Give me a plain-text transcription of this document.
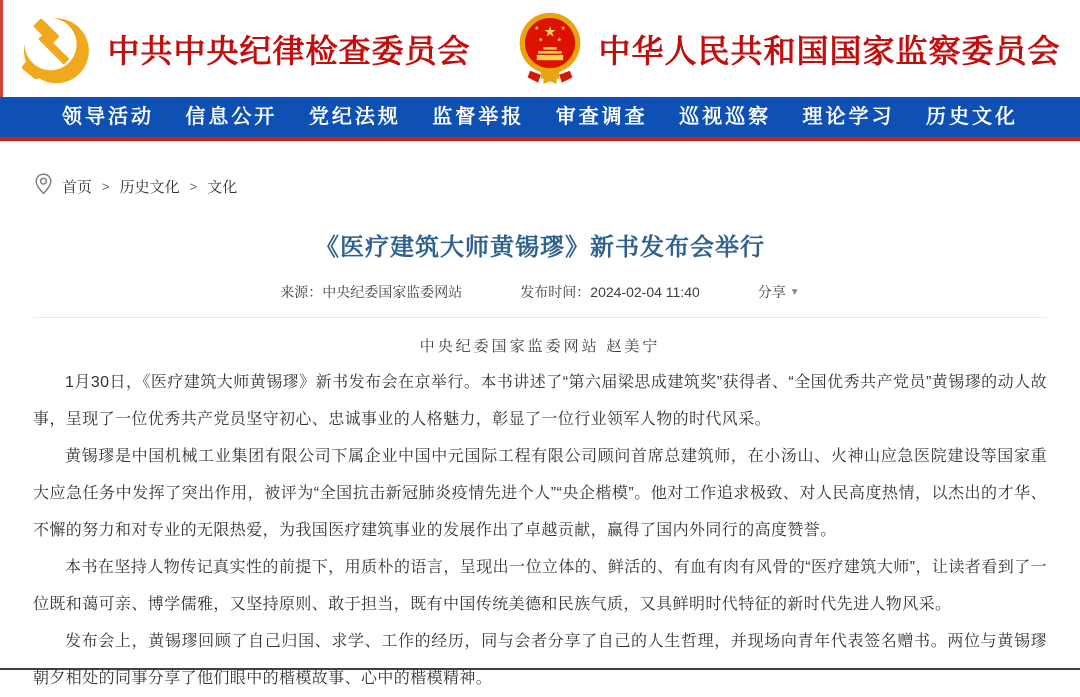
中共中央纪律检查委员会
★
★ ★
★ ★ 中华人民共和国国家监察委员会
领导活动 信息公开 党纪法规 监督举报 审查调查 巡视巡察 理论学习 历史文化
首页 > 历史文化 > 文化
《医疗建筑大师黄锡璆》新书发布会举行
来源：中央纪委国家监委网站	发布时间：2024-02-04 11:40	分享 ▼
中央纪委国家监委网站 赵美宁

1月30日，《医疗建筑大师黄锡璆》新书发布会在京举行。本书讲述了“第六届梁思成建筑奖”获得者、“全国优秀共产党员”黄锡璆的动人故事，呈现了一位优秀共产党员坚守初心、忠诚事业的人格魅力，彰显了一位行业领军人物的时代风采。

黄锡璆是中国机械工业集团有限公司下属企业中国中元国际工程有限公司顾问首席总建筑师，在小汤山、火神山应急医院建设等国家重大应急任务中发挥了突出作用，被评为“全国抗击新冠肺炎疫情先进个人”“央企楷模”。他对工作追求极致、对人民高度热情，以杰出的才华、不懈的努力和对专业的无限热爱，为我国医疗建筑事业的发展作出了卓越贡献，赢得了国内外同行的高度赞誉。

本书在坚持人物传记真实性的前提下，用质朴的语言，呈现出一位立体的、鲜活的、有血有肉有风骨的“医疗建筑大师”，让读者看到了一位既和蔼可亲、博学儒雅，又坚持原则、敢于担当，既有中国传统美德和民族气质，又具鲜明时代特征的新时代先进人物风采。

发布会上，黄锡璆回顾了自己归国、求学、工作的经历，同与会者分享了自己的人生哲理，并现场向青年代表签名赠书。两位与黄锡璆朝夕相处的同事分享了他们眼中的楷模故事、心中的楷模精神。
